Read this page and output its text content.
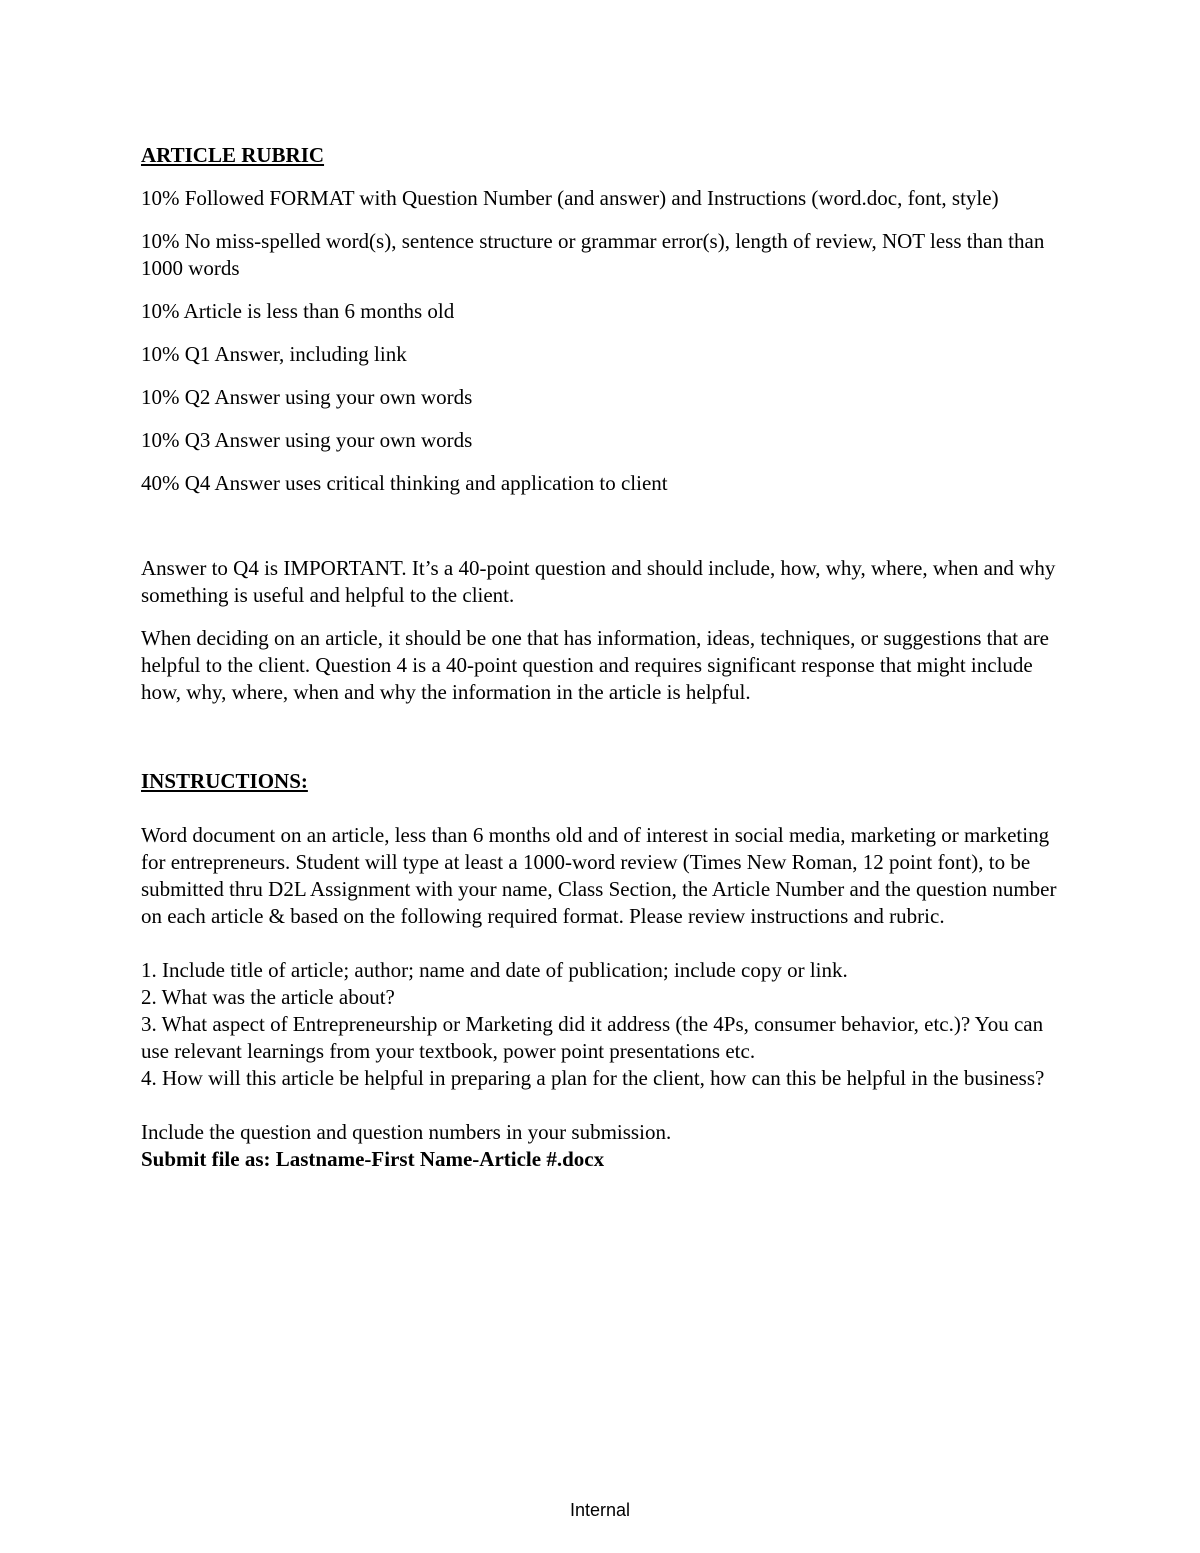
ARTICLE RUBRIC

10% Followed FORMAT with Question Number (and answer) and Instructions (word.doc, font, style)

10% No miss-spelled word(s), sentence structure or grammar error(s), length of review, NOT less than than 1000 words

10% Article is less than 6 months old

10% Q1 Answer, including link

10% Q2 Answer using your own words

10% Q3 Answer using your own words

40% Q4 Answer uses critical thinking and application to client

Answer to Q4 is IMPORTANT. It’s a 40-point question and should include, how, why, where, when and why something is useful and helpful to the client.

When deciding on an article, it should be one that has information, ideas, techniques, or suggestions that are helpful to the client. Question 4 is a 40-point question and requires significant response that might include how, why, where, when and why the information in the article is helpful.

INSTRUCTIONS:

Word document on an article, less than 6 months old and of interest in social media, marketing or marketing for entrepreneurs. Student will type at least a 1000-word review (Times New Roman, 12 point font), to be submitted thru D2L Assignment with your name, Class Section, the Article Number and the question number on each article & based on the following required format. Please review instructions and rubric.

1. Include title of article; author; name and date of publication; include copy or link.
2. What was the article about?
3. What aspect of Entrepreneurship or Marketing did it address (the 4Ps, consumer behavior, etc.)? You can use relevant learnings from your textbook, power point presentations etc.
4. How will this article be helpful in preparing a plan for the client, how can this be helpful in the business?

Include the question and question numbers in your submission.

Submit file as: Lastname-First Name-Article #.docx

Internal
